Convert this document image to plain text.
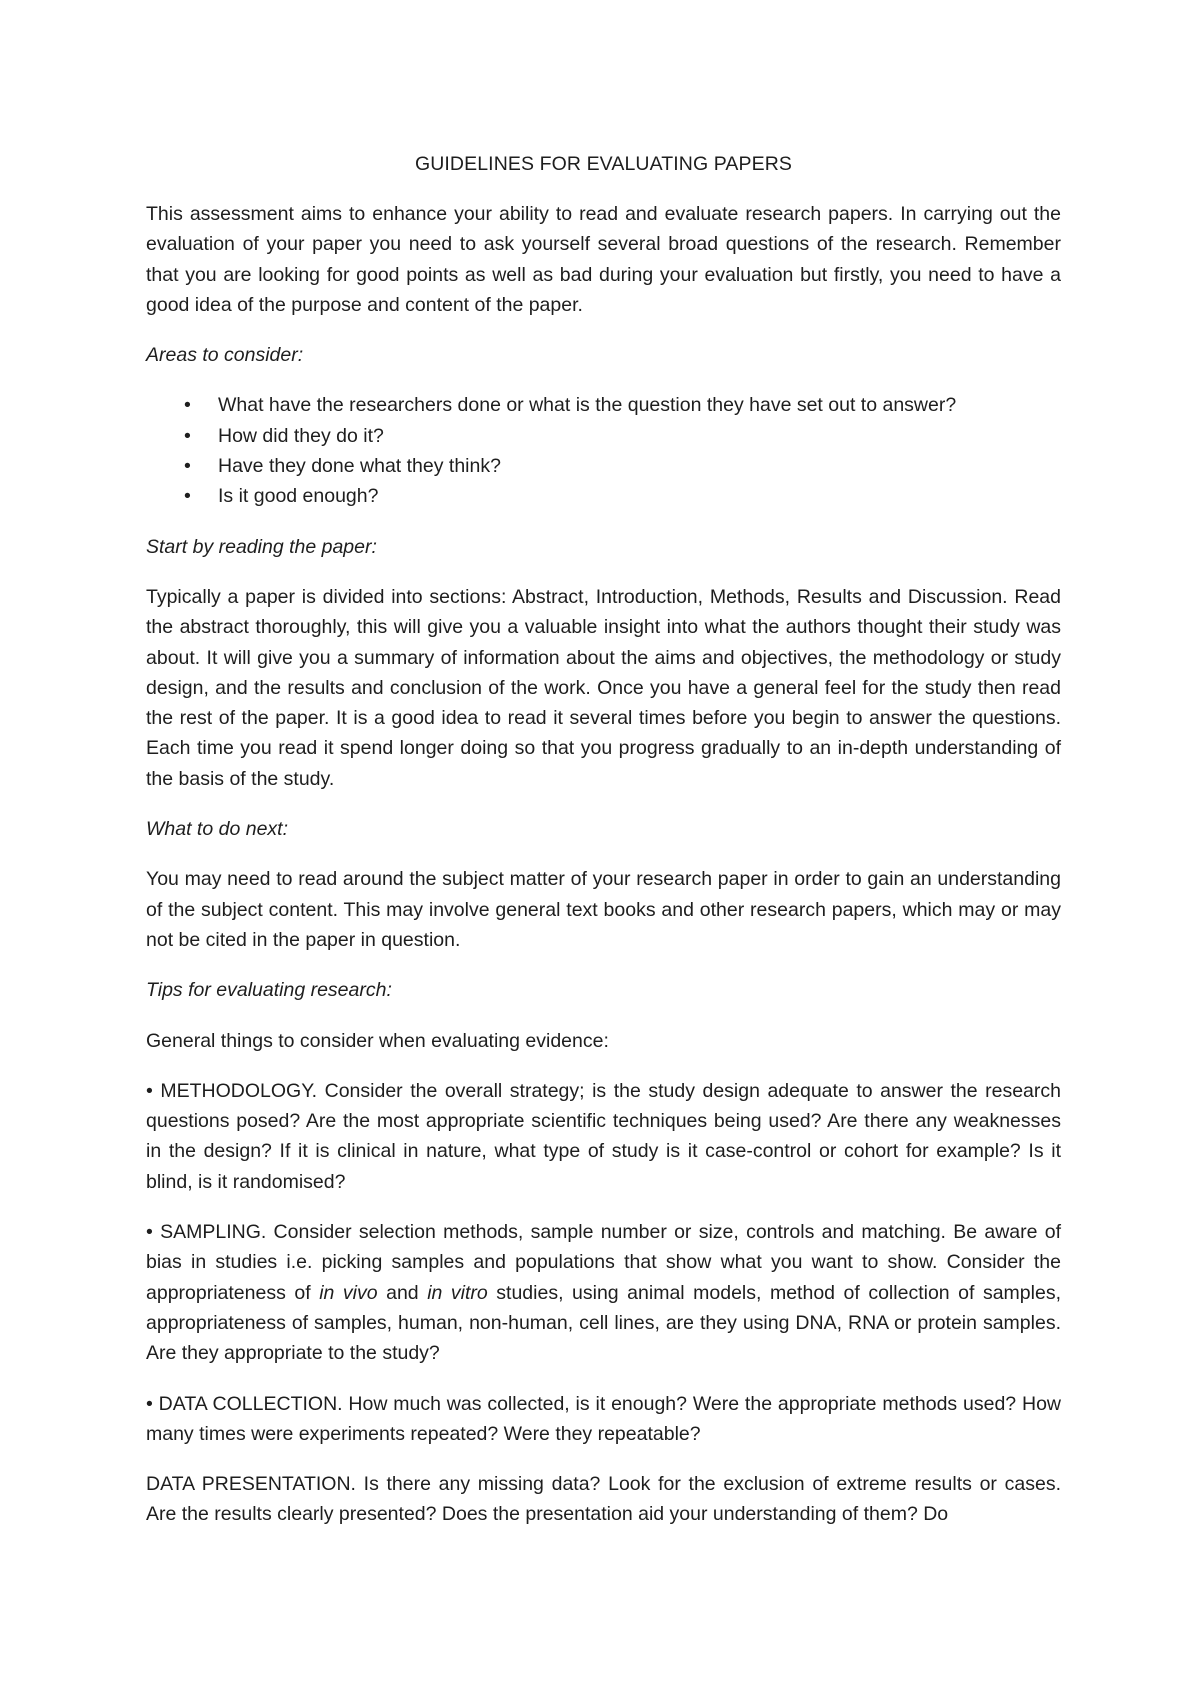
GUIDELINES FOR EVALUATING PAPERS

This assessment aims to enhance your ability to read and evaluate research papers. In carrying out the evaluation of your paper you need to ask yourself several broad questions of the research. Remember that you are looking for good points as well as bad during your evaluation but firstly, you need to have a good idea of the purpose and content of the paper.

Areas to consider:

• What have the researchers done or what is the question they have set out to answer?
• How did they do it?
• Have they done what they think?
• Is it good enough?

Start by reading the paper:

Typically a paper is divided into sections: Abstract, Introduction, Methods, Results and Discussion. Read the abstract thoroughly, this will give you a valuable insight into what the authors thought their study was about. It will give you a summary of information about the aims and objectives, the methodology or study design, and the results and conclusion of the work. Once you have a general feel for the study then read the rest of the paper. It is a good idea to read it several times before you begin to answer the questions. Each time you read it spend longer doing so that you progress gradually to an in-depth understanding of the basis of the study.

What to do next:

You may need to read around the subject matter of your research paper in order to gain an understanding of the subject content. This may involve general text books and other research papers, which may or may not be cited in the paper in question.

Tips for evaluating research:

General things to consider when evaluating evidence:

• METHODOLOGY. Consider the overall strategy; is the study design adequate to answer the research questions posed? Are the most appropriate scientific techniques being used? Are there any weaknesses in the design? If it is clinical in nature, what type of study is it case-control or cohort for example? Is it blind, is it randomised?

• SAMPLING. Consider selection methods, sample number or size, controls and matching. Be aware of bias in studies i.e. picking samples and populations that show what you want to show. Consider the appropriateness of in vivo and in vitro studies, using animal models, method of collection of samples, appropriateness of samples, human, non-human, cell lines, are they using DNA, RNA or protein samples. Are they appropriate to the study?

• DATA COLLECTION. How much was collected, is it enough? Were the appropriate methods used? How many times were experiments repeated? Were they repeatable?

DATA PRESENTATION. Is there any missing data? Look for the exclusion of extreme results or cases. Are the results clearly presented? Does the presentation aid your understanding of them? Do
